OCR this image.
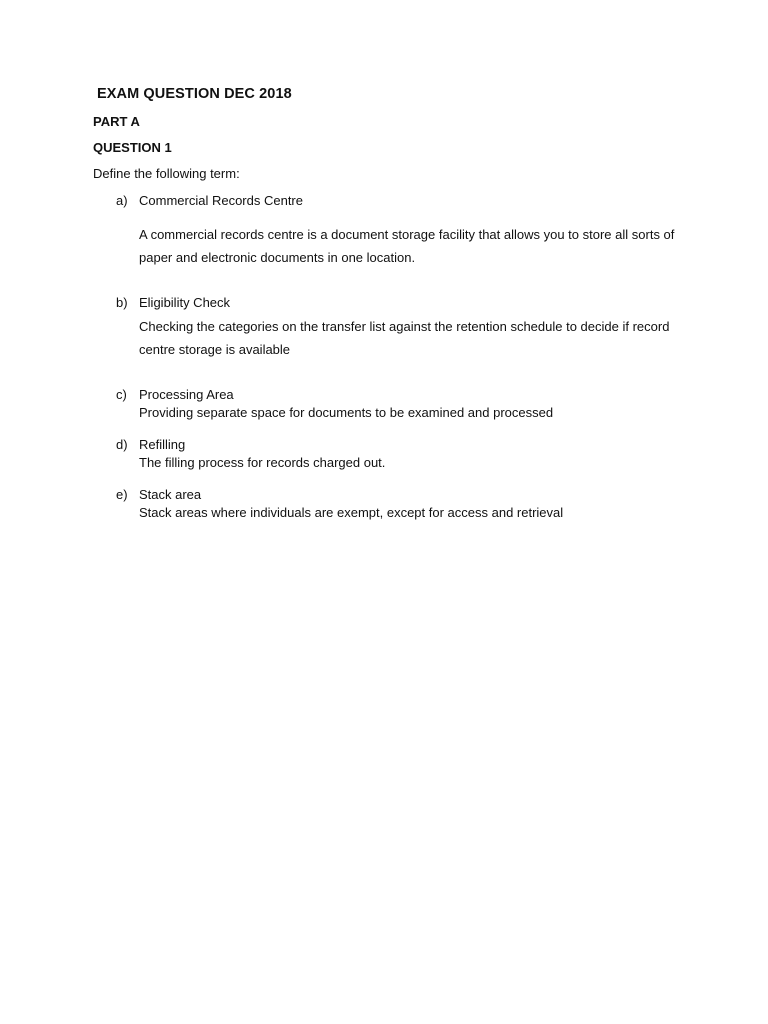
EXAM QUESTION DEC 2018
PART A
QUESTION 1
Define the following term:
a) Commercial Records Centre
A commercial records centre is a document storage facility that allows you to store all sorts of paper and electronic documents in one location.
b) Eligibility Check
Checking the categories on the transfer list against the retention schedule to decide if record centre storage is available
c) Processing Area
Providing separate space for documents to be examined and processed
d) Refilling
The filling process for records charged out.
e) Stack area
Stack areas where individuals are exempt, except for access and retrieval
